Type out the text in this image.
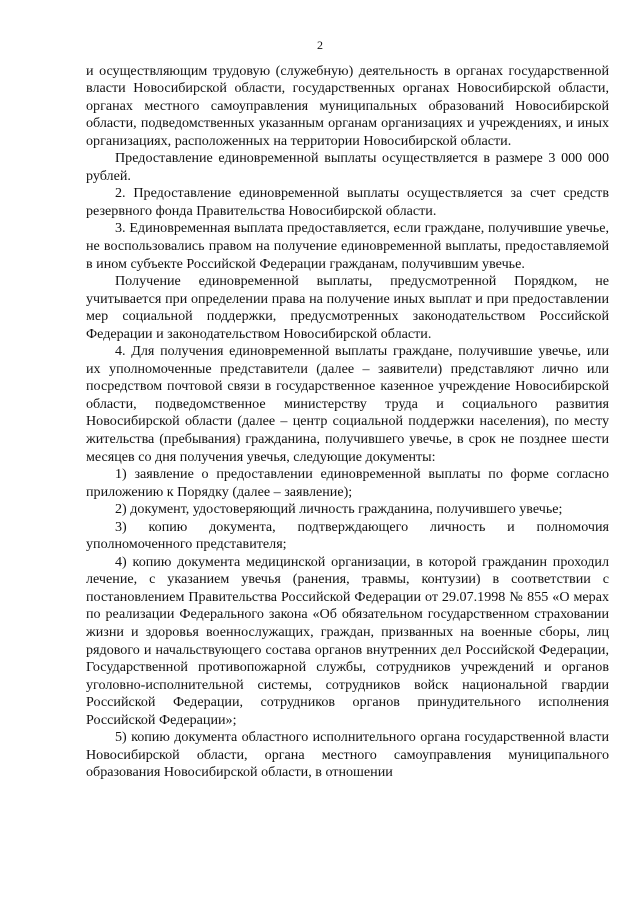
2

и осуществляющим трудовую (служебную) деятельность в органах государственной власти Новосибирской области, государственных органах Новосибирской области, органах местного самоуправления муниципальных образований Новосибирской области, подведомственных указанным органам организациях и учреждениях, и иных организациях, расположенных на территории Новосибирской области.

Предоставление единовременной выплаты осуществляется в размере 3 000 000 рублей.

2. Предоставление единовременной выплаты осуществляется за счет средств резервного фонда Правительства Новосибирской области.

3. Единовременная выплата предоставляется, если граждане, получившие увечье, не воспользовались правом на получение единовременной выплаты, предоставляемой в ином субъекте Российской Федерации гражданам, получившим увечье.

Получение единовременной выплаты, предусмотренной Порядком, не учитывается при определении права на получение иных выплат и при предоставлении мер социальной поддержки, предусмотренных законодательством Российской Федерации и законодательством Новосибирской области.

4. Для получения единовременной выплаты граждане, получившие увечье, или их уполномоченные представители (далее – заявители) представляют лично или посредством почтовой связи в государственное казенное учреждение Новосибирской области, подведомственное министерству труда и социального развития Новосибирской области (далее – центр социальной поддержки населения), по месту жительства (пребывания) гражданина, получившего увечье, в срок не позднее шести месяцев со дня получения увечья, следующие документы:

1) заявление о предоставлении единовременной выплаты по форме согласно приложению к Порядку (далее – заявление);

2) документ, удостоверяющий личность гражданина, получившего увечье;

3) копию документа, подтверждающего личность и полномочия уполномоченного представителя;

4) копию документа медицинской организации, в которой гражданин проходил лечение, с указанием увечья (ранения, травмы, контузии) в соответствии с постановлением Правительства Российской Федерации от 29.07.1998 № 855 «О мерах по реализации Федерального закона «Об обязательном государственном страховании жизни и здоровья военнослужащих, граждан, призванных на военные сборы, лиц рядового и начальствующего состава органов внутренних дел Российской Федерации, Государственной противопожарной службы, сотрудников учреждений и органов уголовно-исполнительной системы, сотрудников войск национальной гвардии Российской Федерации, сотрудников органов принудительного исполнения Российской Федерации»;

5) копию документа областного исполнительного органа государственной власти Новосибирской области, органа местного самоуправления муниципального образования Новосибирской области, в отношении
